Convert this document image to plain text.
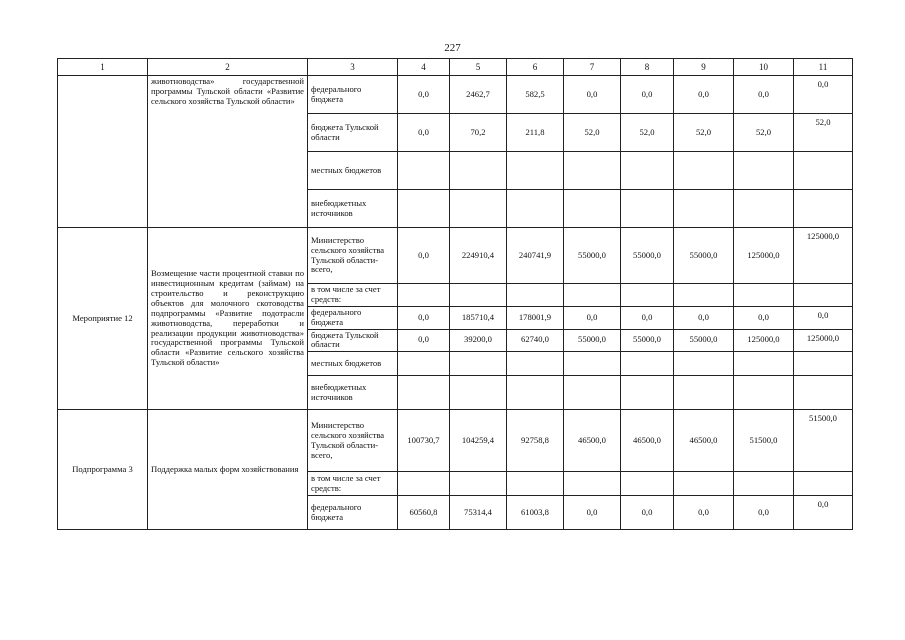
227
1	2	3	4	5	6	7	8	9	10	11
	животноводства» государственной программы Тульской области «Развитие сельского хозяйства Тульской области»	федерального бюджета	0,0	2462,7	582,5	0,0	0,0	0,0	0,0	0,0
		бюджета Тульской области	0,0	70,2	211,8	52,0	52,0	52,0	52,0	52,0
		местных бюджетов								
		внебюджетных источников								
Мероприятие 12	Возмещение части процентной ставки по инвестиционным кредитам (займам) на строительство и реконструкцию объектов для молочного скотоводства подпрограммы «Развитие подотрасли животноводства, переработки и реализации продукции животноводства» государственной программы Тульской области «Развитие сельского хозяйства Тульской области»	Министерство сельского хозяйства Тульской области-всего,	0,0	224910,4	240741,9	55000,0	55000,0	55000,0	125000,0	125000,0
		в том числе за счет средств:								
		федерального бюджета	0,0	185710,4	178001,9	0,0	0,0	0,0	0,0	0,0
		бюджета Тульской области	0,0	39200,0	62740,0	55000,0	55000,0	55000,0	125000,0	125000,0
		местных бюджетов								
		внебюджетных источников								
Подпрограмма 3	Поддержка малых форм хозяйствования	Министерство сельского хозяйства Тульской области-всего,	100730,7	104259,4	92758,8	46500,0	46500,0	46500,0	51500,0	51500,0
		в том числе за счет средств:								
		федерального бюджета	60560,8	75314,4	61003,8	0,0	0,0	0,0	0,0	0,0
